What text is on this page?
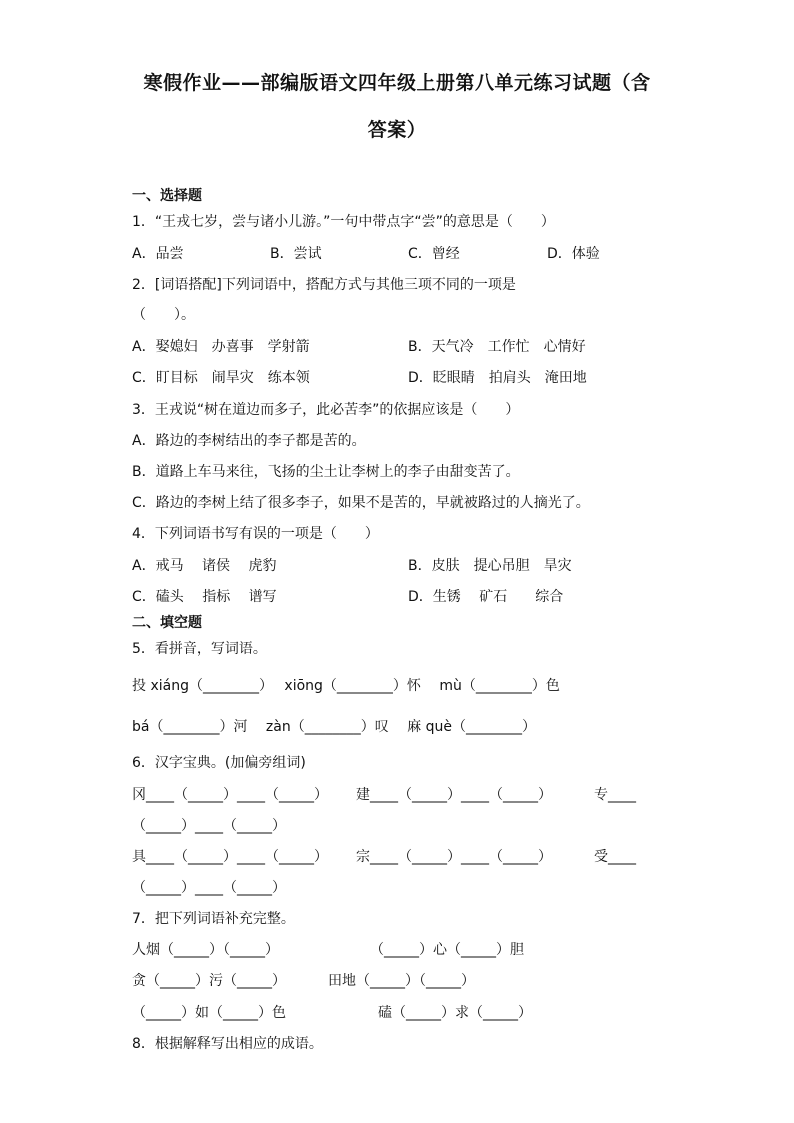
寒假作业——部编版语文四年级上册第八单元练习试题（含
答案）
一、选择题
1．“王戎七岁，尝与诸小儿游。”一句中带点字“尝”的意思是（　　）
A．品尝	B．尝试	C．曾经	D．体验
2．[词语搭配]下列词语中，搭配方式与其他三项不同的一项是
（　　）。
A．娶媳妇　办喜事　学射箭	B．天气冷　工作忙　心情好
C．盯目标　闹旱灾　练本领	D．眨眼睛　拍肩头　淹田地
3．王戎说“树在道边而多子，此必苦李”的依据应该是（　　）
A．路边的李树结出的李子都是苦的。
B．道路上车马来往，飞扬的尘土让李树上的李子由甜变苦了。
C．路边的李树上结了很多李子，如果不是苦的，早就被路过的人摘光了。
4．下列词语书写有误的一项是（　　）
A．戒马　 诸侯　 虎豹	B．皮肤　提心吊胆　旱灾
C．磕头　 指标　 谱写	D．生锈　 矿石　　综合
二、填空题
5．看拼音，写词语。
投 xiáng（________）　 xiōng（________）怀　 mù（________）色
bá（________）河　 zàn（________）叹　 麻 què（________）
6．汉字宝典。(加偏旁组词)
冈____（_____）____（_____） 建____（_____）____（_____）	专____
（_____）____（_____）
具____（_____）____（_____） 宗____（_____）____（_____）	受____
（_____）____（_____）
7．把下列词语补充完整。
人烟（_____）（_____）	（_____）心（_____）胆
贪（_____）污（_____）	田地（_____）（_____）
（_____）如（_____）色	磕（_____）求（_____）
8．根据解释写出相应的成语。
